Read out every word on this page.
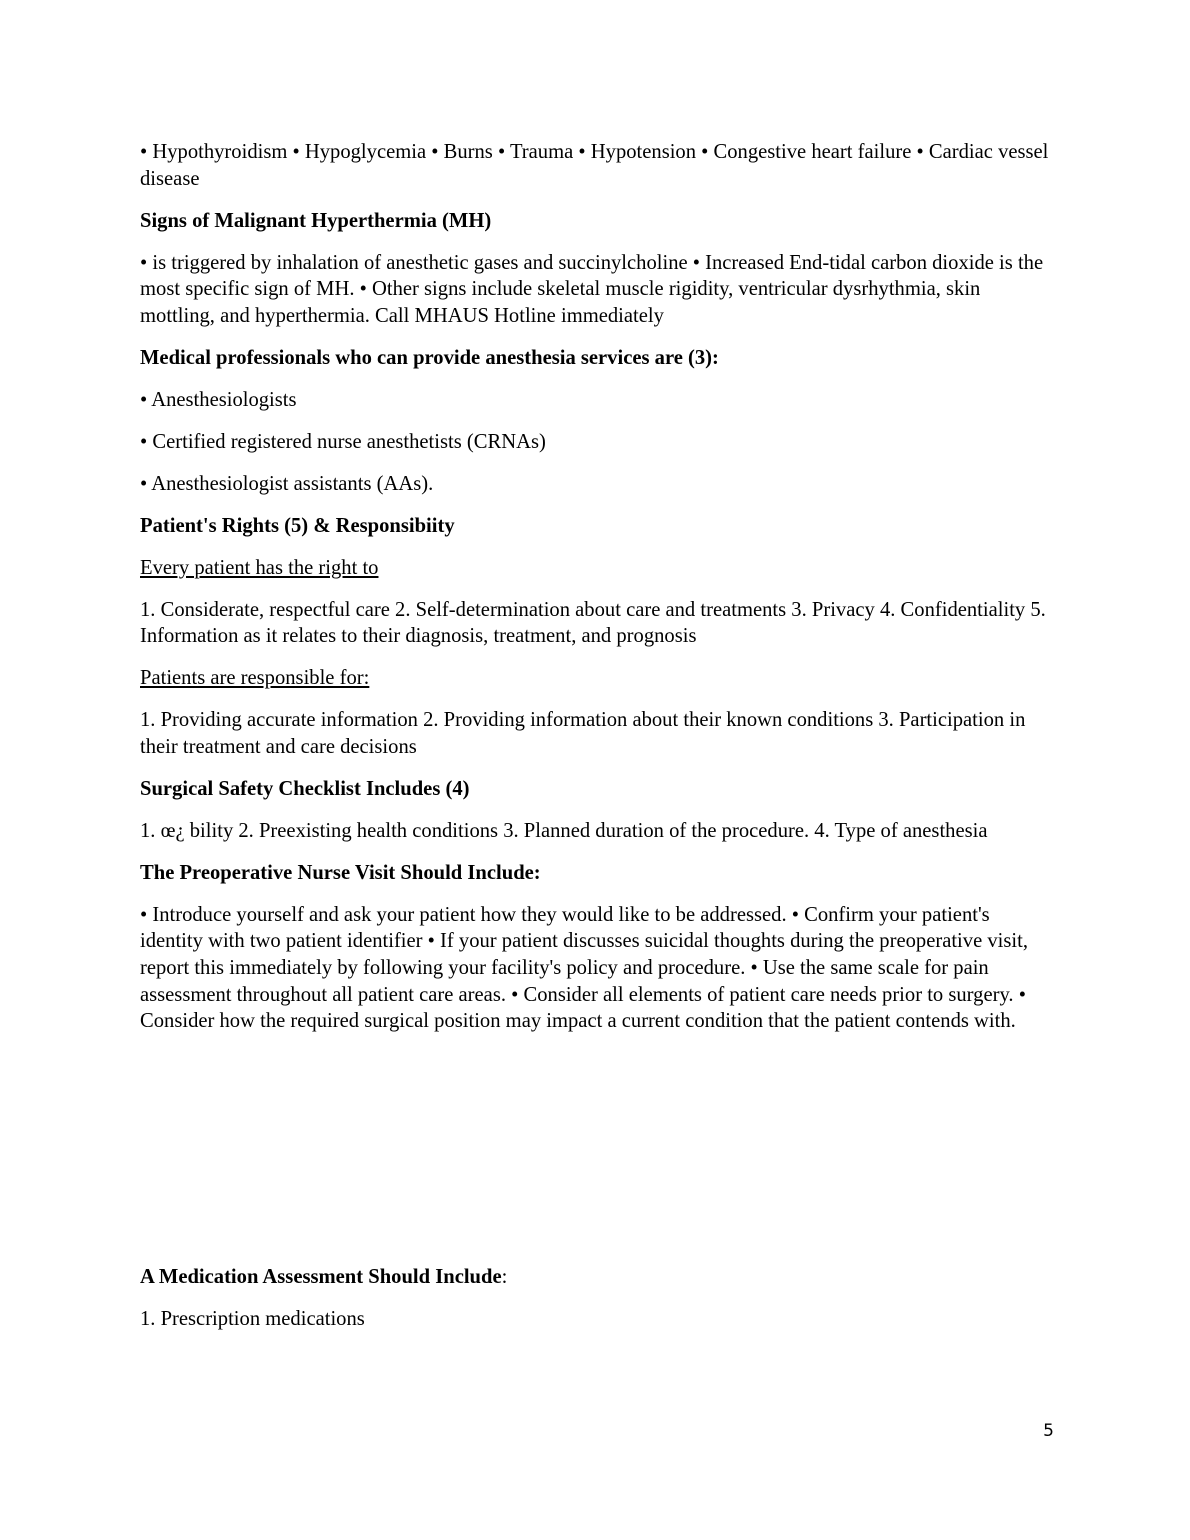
• Hypothyroidism • Hypoglycemia • Burns • Trauma • Hypotension • Congestive heart failure • Cardiac vessel disease

Signs of Malignant Hyperthermia (MH)

• is triggered by inhalation of anesthetic gases and succinylcholine • Increased End-tidal carbon dioxide is the most specific sign of MH. • Other signs include skeletal muscle rigidity, ventricular dysrhythmia, skin mottling, and hyperthermia. Call MHAUS Hotline immediately

Medical professionals who can provide anesthesia services are (3):

• Anesthesiologists

• Certified registered nurse anesthetists (CRNAs)

• Anesthesiologist assistants (AAs).

Patient's Rights (5) & Responsibiity

Every patient has the right to

1. Considerate, respectful care 2. Self-determination about care and treatments 3. Privacy 4. Confidentiality 5. Information as it relates to their diagnosis, treatment, and prognosis

Patients are responsible for:

1. Providing accurate information 2. Providing information about their known conditions 3. Participation in their treatment and care decisions

Surgical Safety Checklist Includes (4)

1. œ¿ bility 2. Preexisting health conditions 3. Planned duration of the procedure. 4. Type of anesthesia

The Preoperative Nurse Visit Should Include:

• Introduce yourself and ask your patient how they would like to be addressed. • Confirm your patient's identity with two patient identifier • If your patient discusses suicidal thoughts during the preoperative visit, report this immediately by following your facility's policy and procedure. • Use the same scale for pain assessment throughout all patient care areas. • Consider all elements of patient care needs prior to surgery. • Consider how the required surgical position may impact a current condition that the patient contends with.

A Medication Assessment Should Include:

1. Prescription medications

5
